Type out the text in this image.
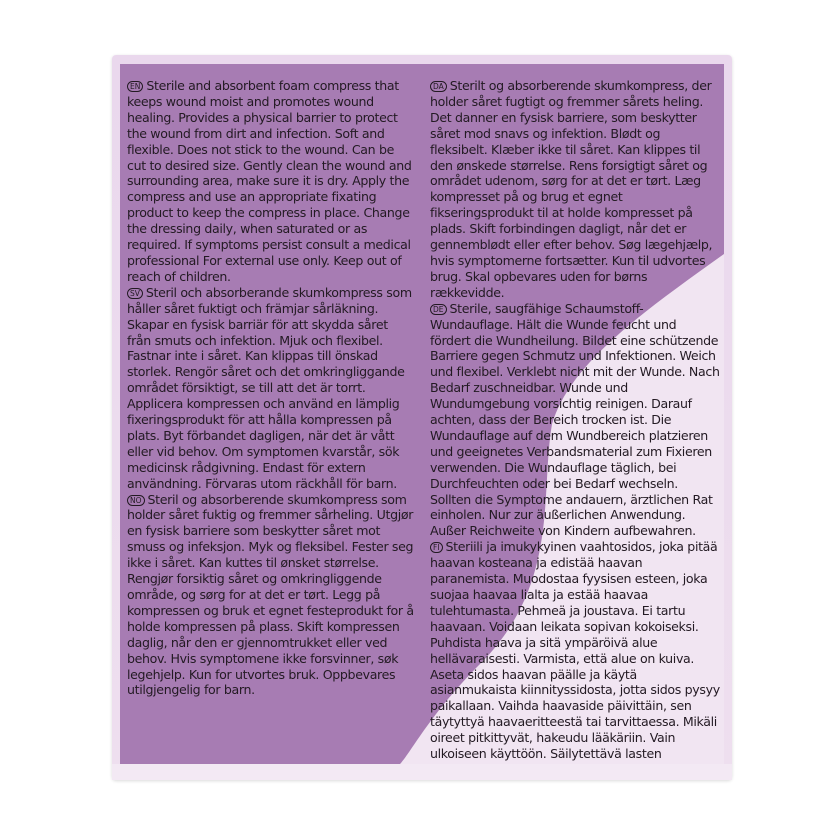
EN Sterile and absorbent foam compress that keeps wound moist and promotes wound healing. Provides a physical barrier to protect the wound from dirt and infection. Soft and flexible. Does not stick to the wound. Can be cut to desired size. Gently clean the wound and surrounding area, make sure it is dry. Apply the compress and use an appropriate fixating product to keep the compress in place. Change the dressing daily, when saturated or as required. If symptoms persist consult a medical professional For external use only. Keep out of reach of children.

SV Steril och absorberande skumkompress som håller såret fuktigt och främjar sårläkning. Skapar en fysisk barriär för att skydda såret från smuts och infektion. Mjuk och flexibel. Fastnar inte i såret. Kan klippas till önskad storlek. Rengör såret och det omkringliggande området försiktigt, se till att det är torrt. Applicera kompressen och använd en lämplig fixeringsprodukt för att hålla kompressen på plats. Byt förbandet dagligen, när det är vått eller vid behov. Om symptomen kvarstår, sök medicinsk rådgivning. Endast för extern användning. Förvaras utom räckhåll för barn.

NO Steril og absorberende skumkompress som holder såret fuktig og fremmer sårheling. Utgjør en fysisk barriere som beskytter såret mot smuss og infeksjon. Myk og fleksibel. Fester seg ikke i såret. Kan kuttes til ønsket størrelse. Rengjør forsiktig såret og omkringliggende område, og sørg for at det er tørt. Legg på kompressen og bruk et egnet festeprodukt for å holde kompressen på plass. Skift kompressen daglig, når den er gjennomtrukket eller ved behov. Hvis symptomene ikke forsvinner, søk legehjelp. Kun for utvortes bruk. Oppbevares utilgjengelig for barn.

DA Sterilt og absorberende skumkompress, der holder såret fugtigt og fremmer sårets heling. Det danner en fysisk barriere, som beskytter såret mod snavs og infektion. Blødt og fleksibelt. Klæber ikke til såret. Kan klippes til den ønskede størrelse. Rens forsigtigt såret og området udenom, sørg for at det er tørt. Læg kompresset på og brug et egnet fikseringsprodukt til at holde kompresset på plads. Skift forbindingen dagligt, når det er gennemblødt eller efter behov. Søg lægehjælp, hvis symptomerne fortsætter. Kun til udvortes brug. Skal opbevares uden for børns rækkevidde.

DE Sterile, saugfähige Schaumstoff-Wundauflage. Hält die Wunde feucht und fördert die Wundheilung. Bildet eine schützende Barriere gegen Schmutz und Infektionen. Weich und flexibel. Verklebt nicht mit der Wunde. Nach Bedarf zuschneidbar. Wunde und Wundumgebung vorsichtig reinigen. Darauf achten, dass der Bereich trocken ist. Die Wundauflage auf dem Wundbereich platzieren und geeignetes Verbandsmaterial zum Fixieren verwenden. Die Wundauflage täglich, bei Durchfeuchten oder bei Bedarf wechseln. Sollten die Symptome andauern, ärztlichen Rat einholen. Nur zur äußerlichen Anwendung. Außer Reichweite von Kindern aufbewahren.

FI Steriili ja imukykyinen vaahtosidos, joka pitää haavan kosteana ja edistää haavan paranemista. Muodostaa fyysisen esteen, joka suojaa haavaa lialta ja estää haavaa tulehtumasta. Pehmeä ja joustava. Ei tartu haavaan. Voidaan leikata sopivan kokoiseksi. Puhdista haava ja sitä ympäröivä alue hellävaraisesti. Varmista, että alue on kuiva. Aseta sidos haavan päälle ja käytä asianmukaista kiinnityssidosta, jotta sidos pysyy paikallaan. Vaihda haavaside päivittäin, sen täytyttyä haavaeritteestä tai tarvittaessa. Mikäli oireet pitkittyvät, hakeudu lääkäriin. Vain ulkoiseen käyttöön. Säilytettävä lasten
